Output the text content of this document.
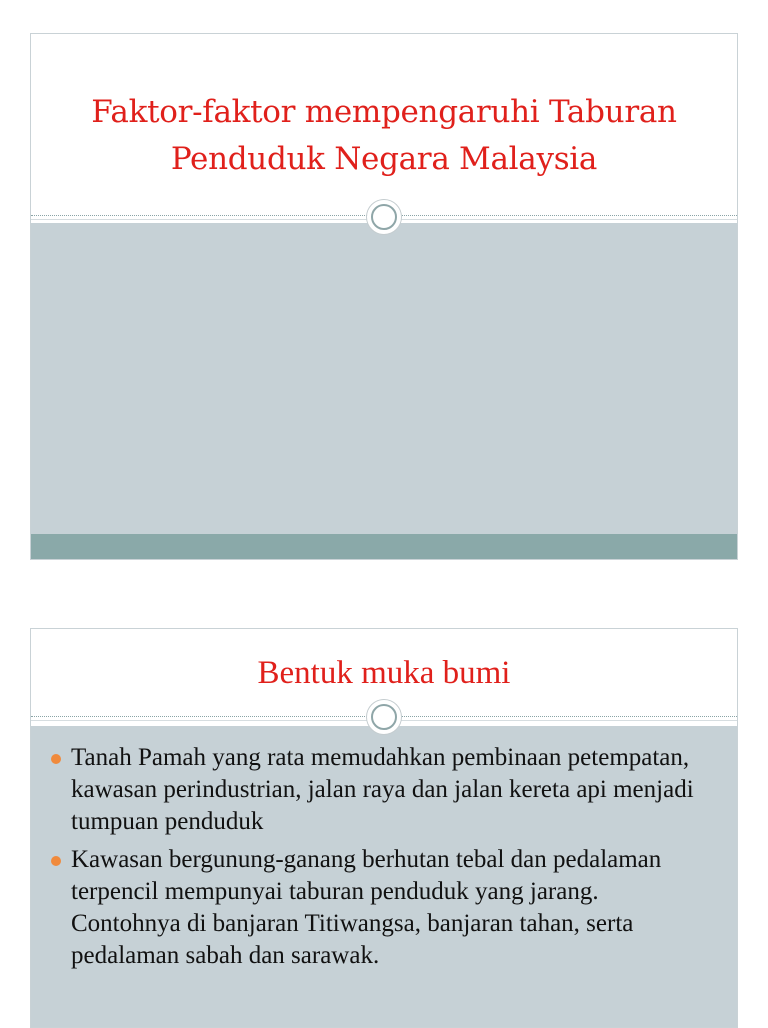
Faktor-faktor mempengaruhi Taburan Penduduk Negara Malaysia
Bentuk muka bumi
Tanah Pamah yang rata memudahkan pembinaan petempatan, kawasan perindustrian, jalan raya dan jalan kereta api menjadi tumpuan penduduk
Kawasan bergunung-ganang berhutan tebal dan pedalaman terpencil mempunyai taburan penduduk yang jarang. Contohnya di banjaran Titiwangsa, banjaran tahan, serta pedalaman sabah dan sarawak.
